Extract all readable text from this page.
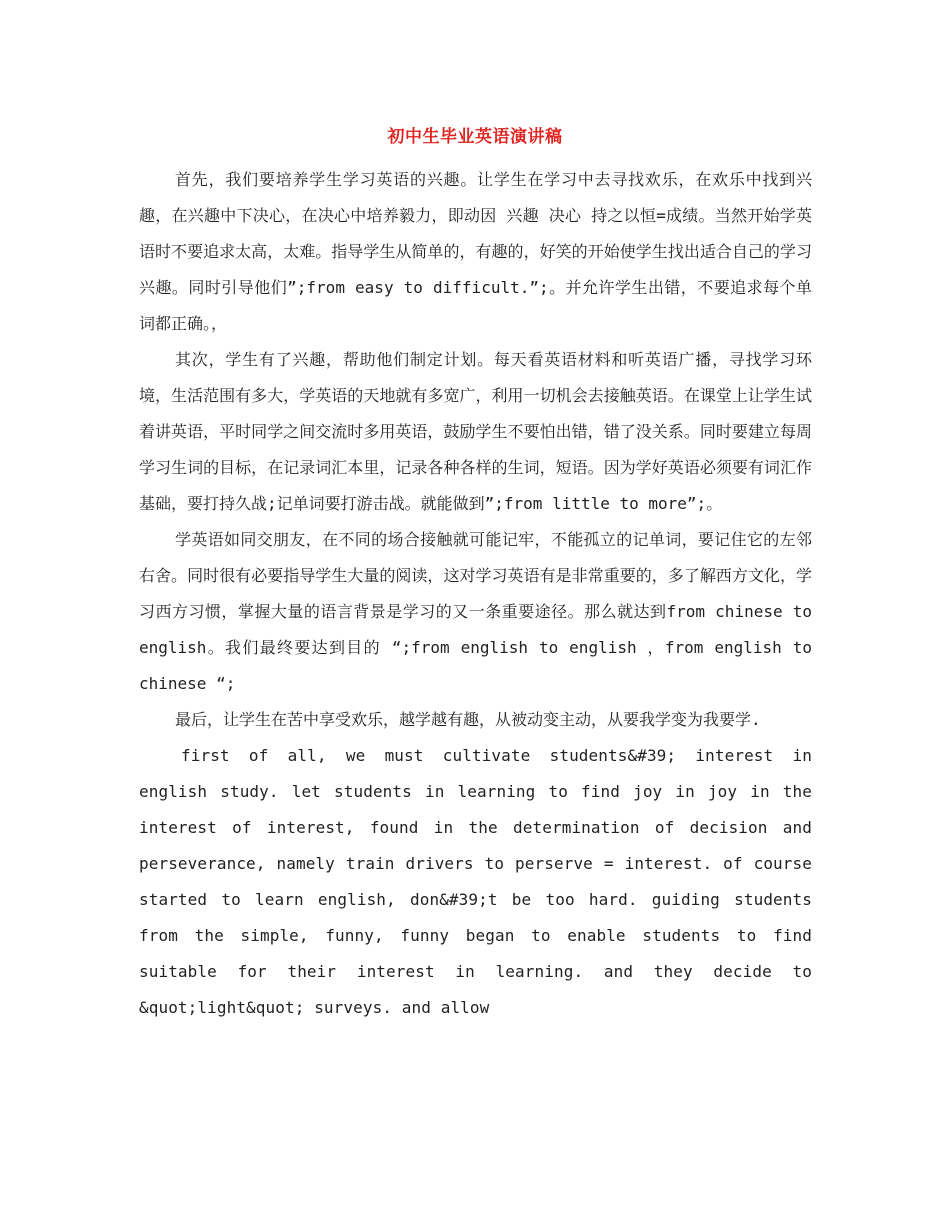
初中生毕业英语演讲稿

首先，我们要培养学生学习英语的兴趣。让学生在学习中去寻找欢乐，在欢乐中找到兴趣，在兴趣中下决心，在决心中培养毅力，即动因 兴趣 决心 持之以恒=成绩。当然开始学英语时不要追求太高，太难。指导学生从简单的，有趣的，好笑的开始使学生找出适合自己的学习兴趣。同时引导他们”;from easy to difficult.”;。并允许学生出错，不要追求每个单词都正确。，

其次，学生有了兴趣，帮助他们制定计划。每天看英语材料和听英语广播，寻找学习环境，生活范围有多大，学英语的天地就有多宽广，利用一切机会去接触英语。在课堂上让学生试着讲英语，平时同学之间交流时多用英语，鼓励学生不要怕出错，错了没关系。同时要建立每周学习生词的目标，在记录词汇本里，记录各种各样的生词，短语。因为学好英语必须要有词汇作基础，要打持久战;记单词要打游击战。就能做到”;from little to more”;。

学英语如同交朋友，在不同的场合接触就可能记牢，不能孤立的记单词，要记住它的左邻右舍。同时很有必要指导学生大量的阅读，这对学习英语有是非常重要的，多了解西方文化，学习西方习惯，掌握大量的语言背景是学习的又一条重要途径。那么就达到from chinese to english。我们最终要达到目的 “;from english to english ，from english to chinese “;

最后，让学生在苦中享受欢乐，越学越有趣，从被动变主动，从要我学变为我要学.

first of all, we must cultivate students&#39; interest in english study. let students in learning to find joy in joy in the interest of interest, found in the determination of decision and perseverance, namely train drivers to perserve = interest. of course started to learn english, don&#39;t be too hard. guiding students from the simple, funny, funny began to enable students to find suitable for their interest in learning. and they decide to &quot;light&quot; surveys. and allow
